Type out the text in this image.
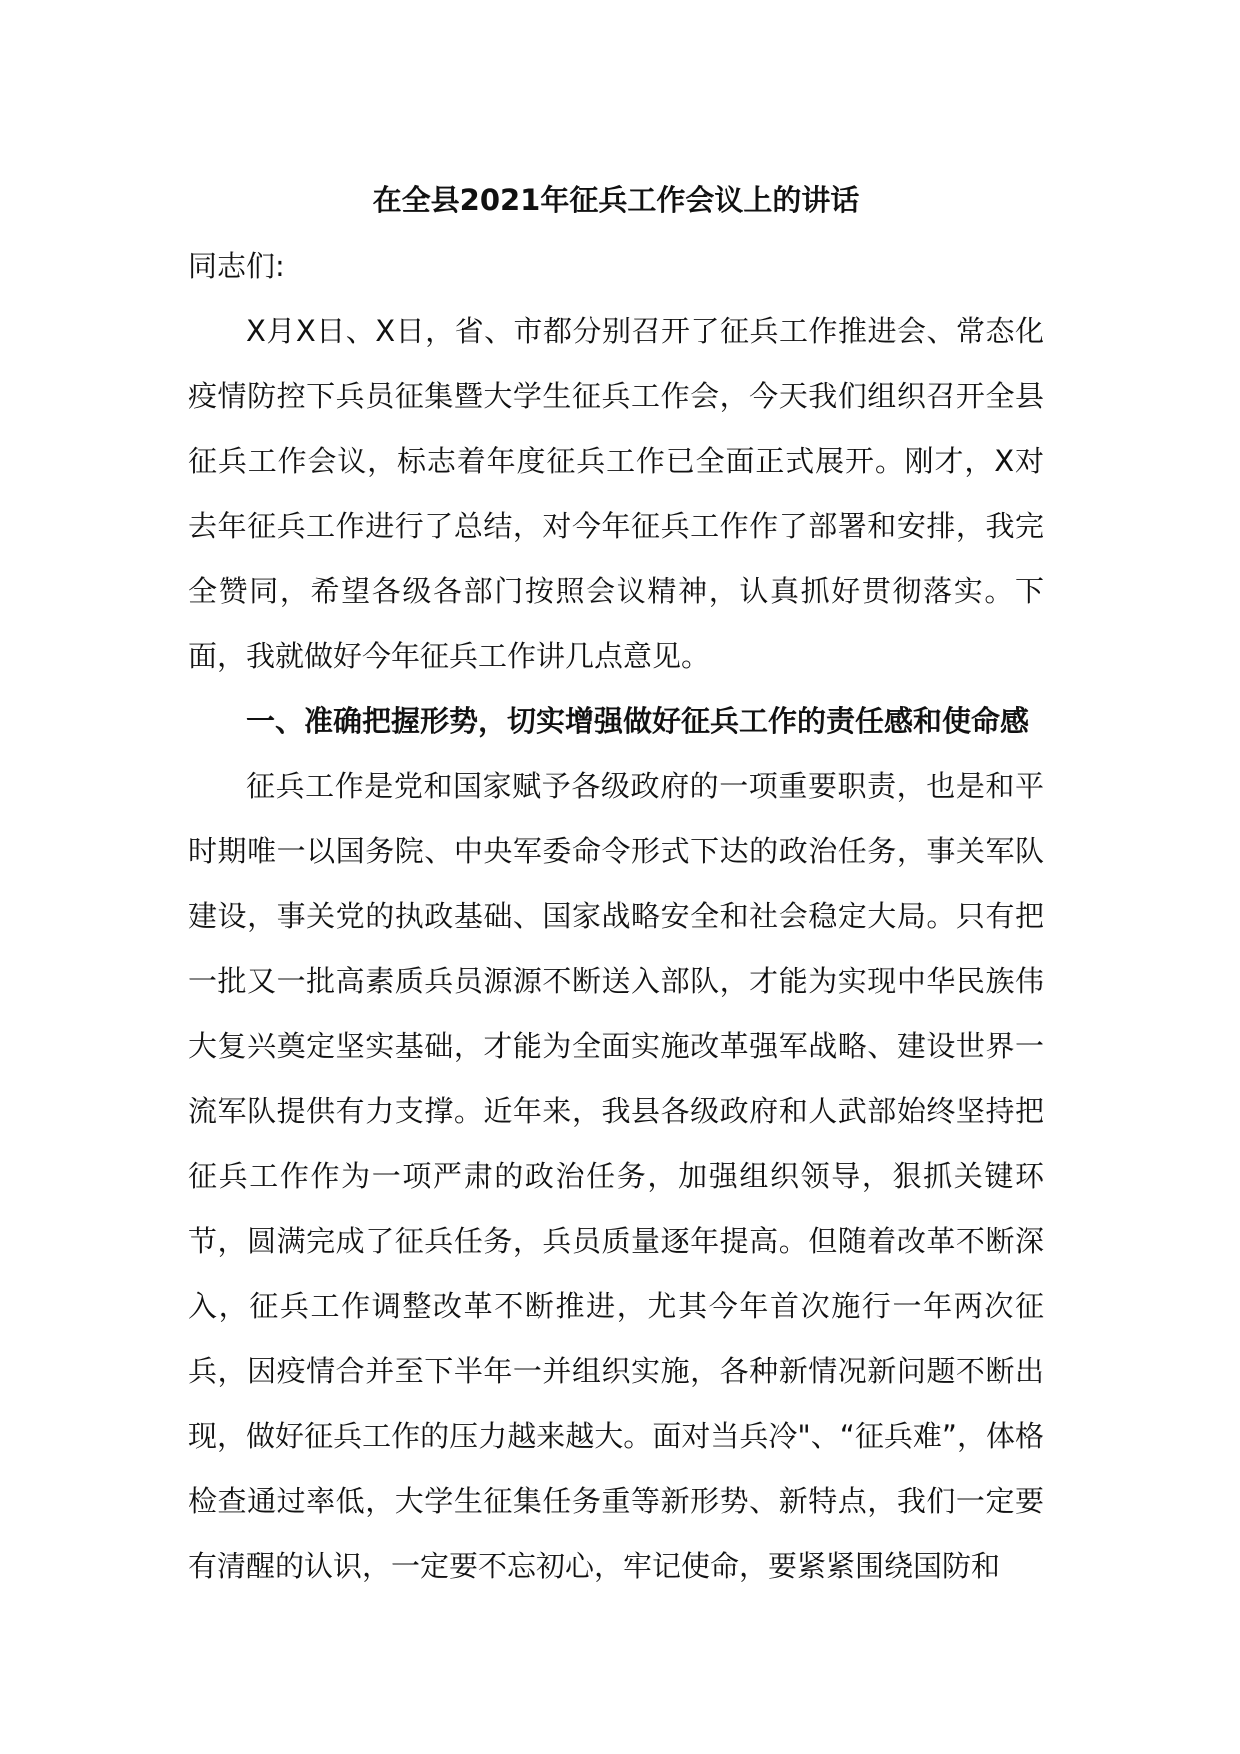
在全县2021年征兵工作会议上的讲话

同志们:

X月X日、X日，省、市都分别召开了征兵工作推进会、常态化疫情防控下兵员征集暨大学生征兵工作会，今天我们组织召开全县征兵工作会议，标志着年度征兵工作已全面正式展开。刚才，X对去年征兵工作进行了总结，对今年征兵工作作了部署和安排，我完全赞同，希望各级各部门按照会议精神，认真抓好贯彻落实。下面，我就做好今年征兵工作讲几点意见。

一、准确把握形势，切实增强做好征兵工作的责任感和使命感

征兵工作是党和国家赋予各级政府的一项重要职责，也是和平时期唯一以国务院、中央军委命令形式下达的政治任务，事关军队建设，事关党的执政基础、国家战略安全和社会稳定大局。只有把一批又一批高素质兵员源源不断送入部队，才能为实现中华民族伟大复兴奠定坚实基础，才能为全面实施改革强军战略、建设世界一流军队提供有力支撑。近年来，我县各级政府和人武部始终坚持把征兵工作作为一项严肃的政治任务，加强组织领导，狠抓关键环节，圆满完成了征兵任务，兵员质量逐年提高。但随着改革不断深入，征兵工作调整改革不断推进，尤其今年首次施行一年两次征兵，因疫情合并至下半年一并组织实施，各种新情况新问题不断出现，做好征兵工作的压力越来越大。面对当兵冷"、“征兵难”，体格检查通过率低，大学生征集任务重等新形势、新特点，我们一定要有清醒的认识，一定要不忘初心，牢记使命，要紧紧围绕国防和
